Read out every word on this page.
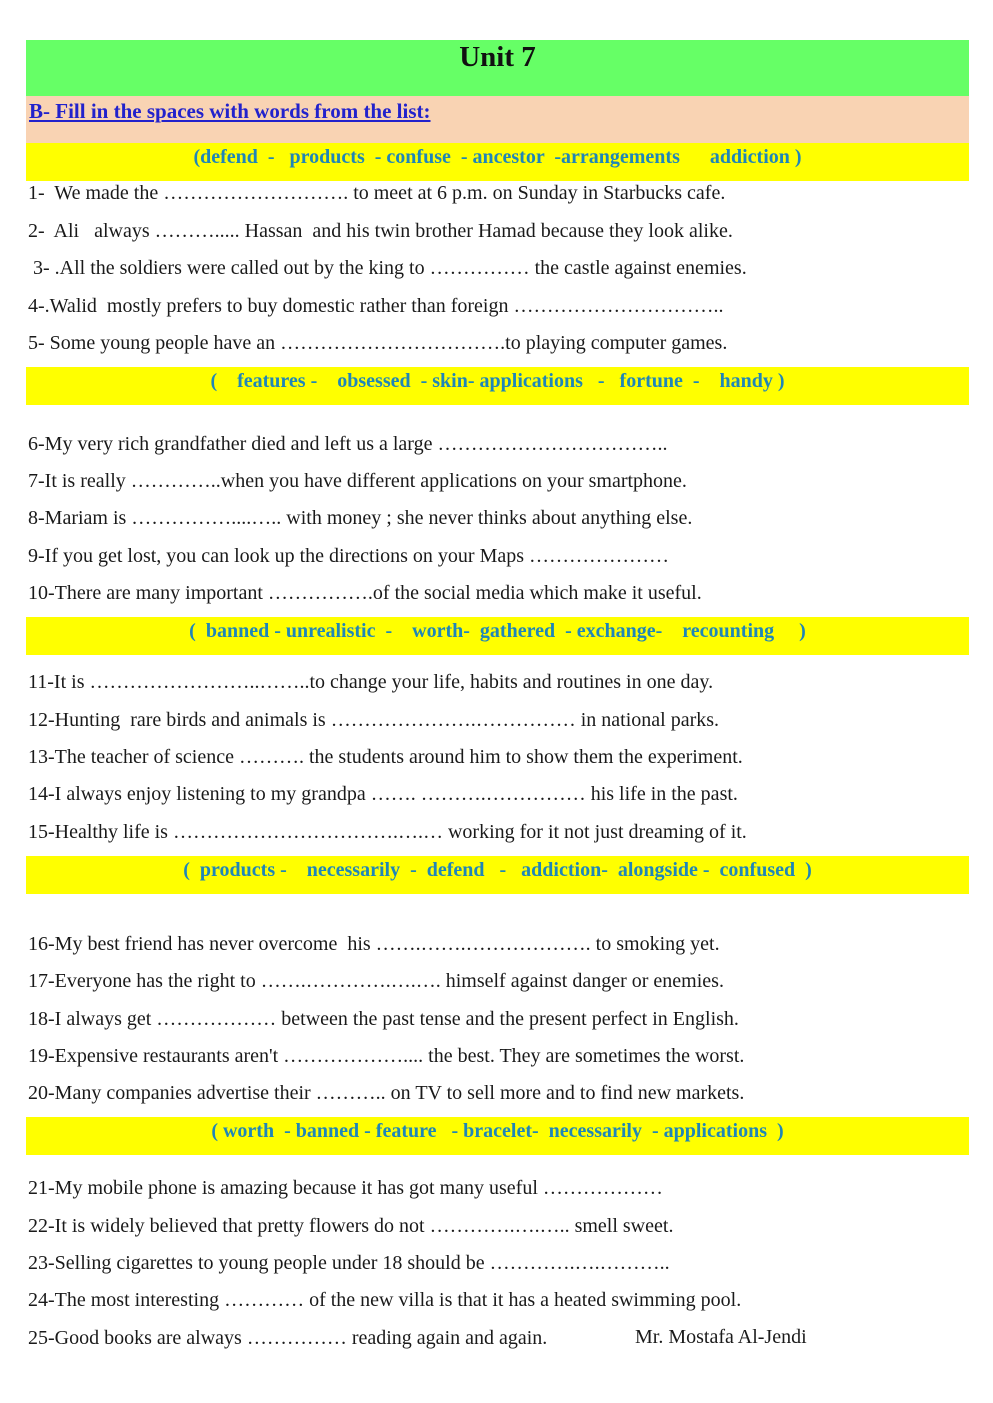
Unit 7
B- Fill in the spaces with words from the list:
(defend  -   products  - confuse  - ancestor  -arrangements      addiction )
1-  We made the ………………………. to meet at 6 p.m. on Sunday in Starbucks cafe.
2-  Ali   always ………..... Hassan  and his twin brother Hamad because they look alike.
3- .All the soldiers were called out by the king to …………… the castle against enemies.
4-.Walid  mostly prefers to buy domestic rather than foreign …………………………..
5- Some young people have an …………………………….to playing computer games.
(    features -    obsessed  - skin- applications   -   fortune  -    handy )
6-My very rich grandfather died and left us a large ……………………………..
7-It is really …………..when you have different applications on your smartphone.
8-Mariam is ……………....….. with money ; she never thinks about anything else.
9-If you get lost, you can look up the directions on your Maps …………………
10-There are many important …………….of the social media which make it useful.
(  banned - unrealistic  -    worth-  gathered  - exchange-    recounting     )
11-It is ……………………..……..to change your life, habits and routines in one day.
12-Hunting  rare birds and animals is ………………….…………… in national parks.
13-The teacher of science ………. the students around him to show them the experiment.
14-I always enjoy listening to my grandpa ……. ……….…………… his life in the past.
15-Healthy life is …………………………….….… working for it not just dreaming of it.
(  products -    necessarily  -  defend   -   addiction-  alongside -  confused  )
16-My best friend has never overcome  his …….…….………………. to smoking yet.
17-Everyone has the right to …….………….….…. himself against danger or enemies.
18-I always get ……………… between the past tense and the present perfect in English.
19-Expensive restaurants aren't ……………….... the best. They are sometimes the worst.
20-Many companies advertise their ……….. on TV to sell more and to find new markets.
( worth  - banned - feature   - bracelet-  necessarily  - applications  )
21-My mobile phone is amazing because it has got many useful ………………
22-It is widely believed that pretty flowers do not ………….….….. smell sweet.
23-Selling cigarettes to young people under 18 should be ………….….………..
24-The most interesting ………… of the new villa is that it has a heated swimming pool.
25-Good books are always …………… reading again and again.	Mr. Mostafa Al-Jendi
